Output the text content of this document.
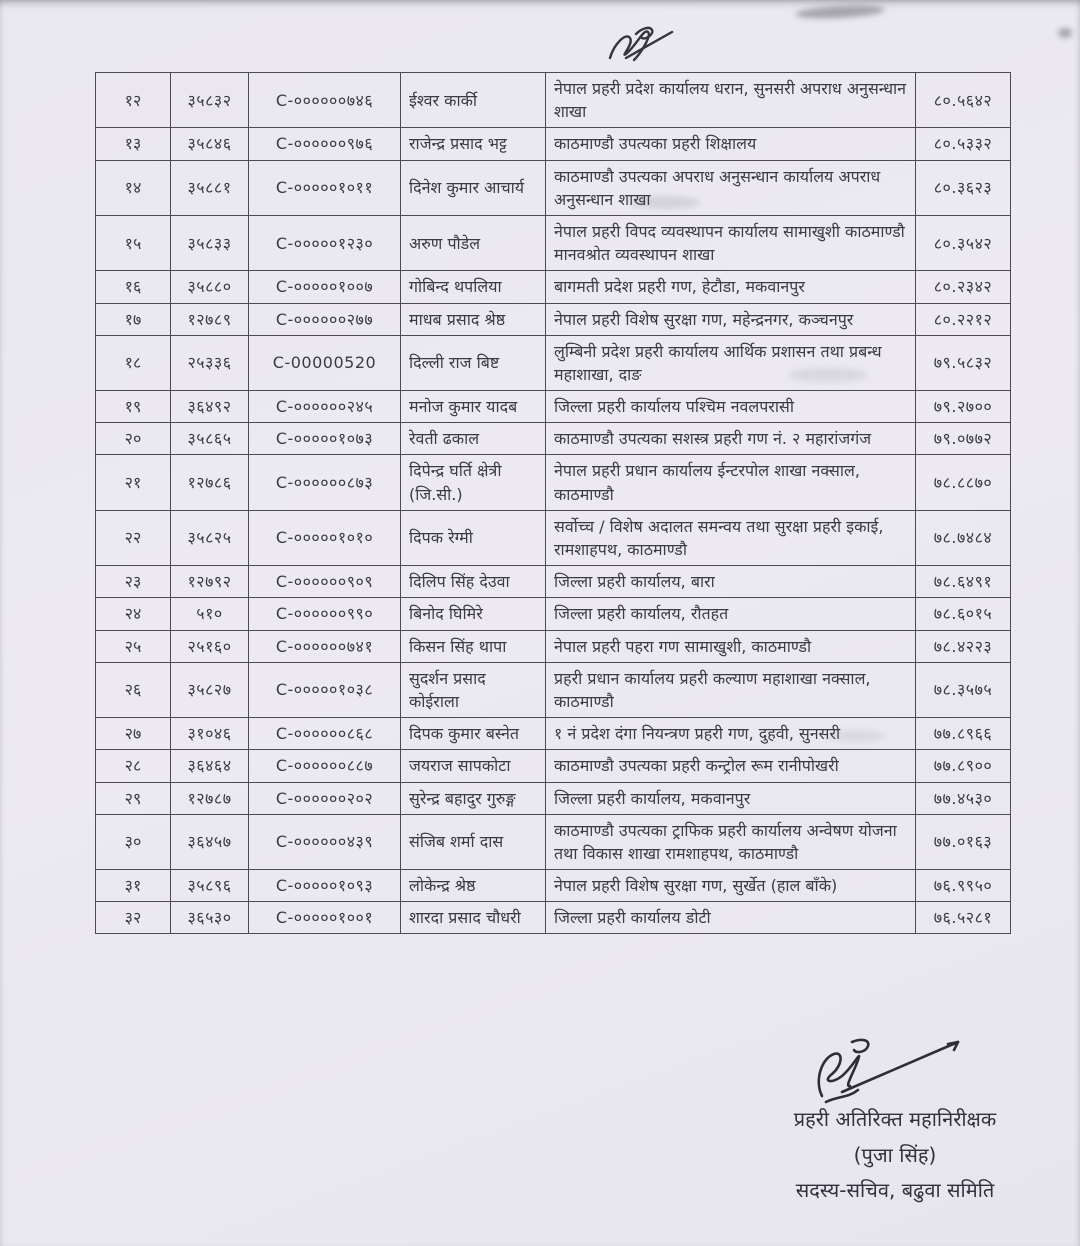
१२	३५८३२	C-००००००७४६	ईश्वर कार्की	नेपाल प्रहरी प्रदेश कार्यालय धरान, सुनसरी अपराध अनुसन्धान शाखा	८०.५६४२
१३	३५८४६	C-००००००९७६	राजेन्द्र प्रसाद भट्ट	काठमाण्डौ उपत्यका प्रहरी शिक्षालय	८०.५३३२
१४	३५८८१	C-०००००१०११	दिनेश कुमार आचार्य	काठमाण्डौ उपत्यका अपराध अनुसन्धान कार्यालय अपराध अनुसन्धान शाखा	८०.३६२३
१५	३५८३३	C-०००००१२३०	अरुण पौडेल	नेपाल प्रहरी विपद व्यवस्थापन कार्यालय सामाखुशी काठमाण्डौ मानवश्रोत व्यवस्थापन शाखा	८०.३५४२
१६	३५८८०	C-०००००१००७	गोबिन्द थपलिया	बागमती प्रदेश प्रहरी गण, हेटौडा, मकवानपुर	८०.२३४२
१७	१२७८९	C-००००००२७७	माधब प्रसाद श्रेष्ठ	नेपाल प्रहरी विशेष सुरक्षा गण, महेन्द्रनगर, कञ्चनपुर	८०.२२१२
१८	२५३३६	C-00000520	दिल्ली राज बिष्ट	लुम्बिनी प्रदेश प्रहरी कार्यालय आर्थिक प्रशासन तथा प्रबन्ध महाशाखा, दाङ	७९.५८३२
१९	३६४९२	C-००००००२४५	मनोज कुमार यादब	जिल्ला प्रहरी कार्यालय पश्चिम नवलपरासी	७९.२७००
२०	३५८६५	C-०००००१०७३	रेवती ढकाल	काठमाण्डौ उपत्यका सशस्त्र प्रहरी गण नं. २ महारांजगंज	७९.०७७२
२१	१२७८६	C-००००००८७३	दिपेन्द्र घर्ति क्षेत्री (जि.सी.)	नेपाल प्रहरी प्रधान कार्यालय ईन्टरपोल शाखा नक्साल, काठमाण्डौ	७८.८८७०
२२	३५८२५	C-०००००१०१०	दिपक रेग्मी	सर्वोच्च / विशेष अदालत समन्वय तथा सुरक्षा प्रहरी इकाई, रामशाहपथ, काठमाण्डौ	७८.७४८४
२३	१२७९२	C-००००००९०९	दिलिप सिंह देउवा	जिल्ला प्रहरी कार्यालय, बारा	७८.६४९१
२४	५१०	C-००००००९९०	बिनोद घिमिरे	जिल्ला प्रहरी कार्यालय, रौतहत	७८.६०१५
२५	२५१६०	C-००००००७४१	किसन सिंह थापा	नेपाल प्रहरी पहरा गण सामाखुशी, काठमाण्डौ	७८.४२२३
२६	३५८२७	C-०००००१०३८	सुदर्शन प्रसाद कोईराला	प्रहरी प्रधान कार्यालय प्रहरी कल्याण महाशाखा नक्साल, काठमाण्डौ	७८.३५७५
२७	३१०४६	C-००००००८६८	दिपक कुमार बस्नेत	१ नं प्रदेश दंगा नियन्त्रण प्रहरी गण, दुहवी, सुनसरी	७७.८९६६
२८	३६४६४	C-००००००८८७	जयराज सापकोटा	काठमाण्डौ उपत्यका प्रहरी कन्ट्रोल रूम रानीपोखरी	७७.८९००
२९	१२७८७	C-००००००२०२	सुरेन्द्र बहादुर गुरुङ्ग	जिल्ला प्रहरी कार्यालय, मकवानपुर	७७.४५३०
३०	३६४५७	C-००००००४३९	संजिब शर्मा दास	काठमाण्डौ उपत्यका ट्राफिक प्रहरी कार्यालय अन्वेषण योजना तथा विकास शाखा रामशाहपथ, काठमाण्डौ	७७.०१६३
३१	३५८९६	C-०००००१०९३	लोकेन्द्र श्रेष्ठ	नेपाल प्रहरी विशेष सुरक्षा गण, सुर्खेत (हाल बाँके)	७६.९९५०
३२	३६५३०	C-०००००१००१	शारदा प्रसाद चौधरी	जिल्ला प्रहरी कार्यालय डोटी	७६.५२८१
प्रहरी अतिरिक्त महानिरीक्षक
(पुजा सिंह)
सदस्य-सचिव, बढुवा समिति
